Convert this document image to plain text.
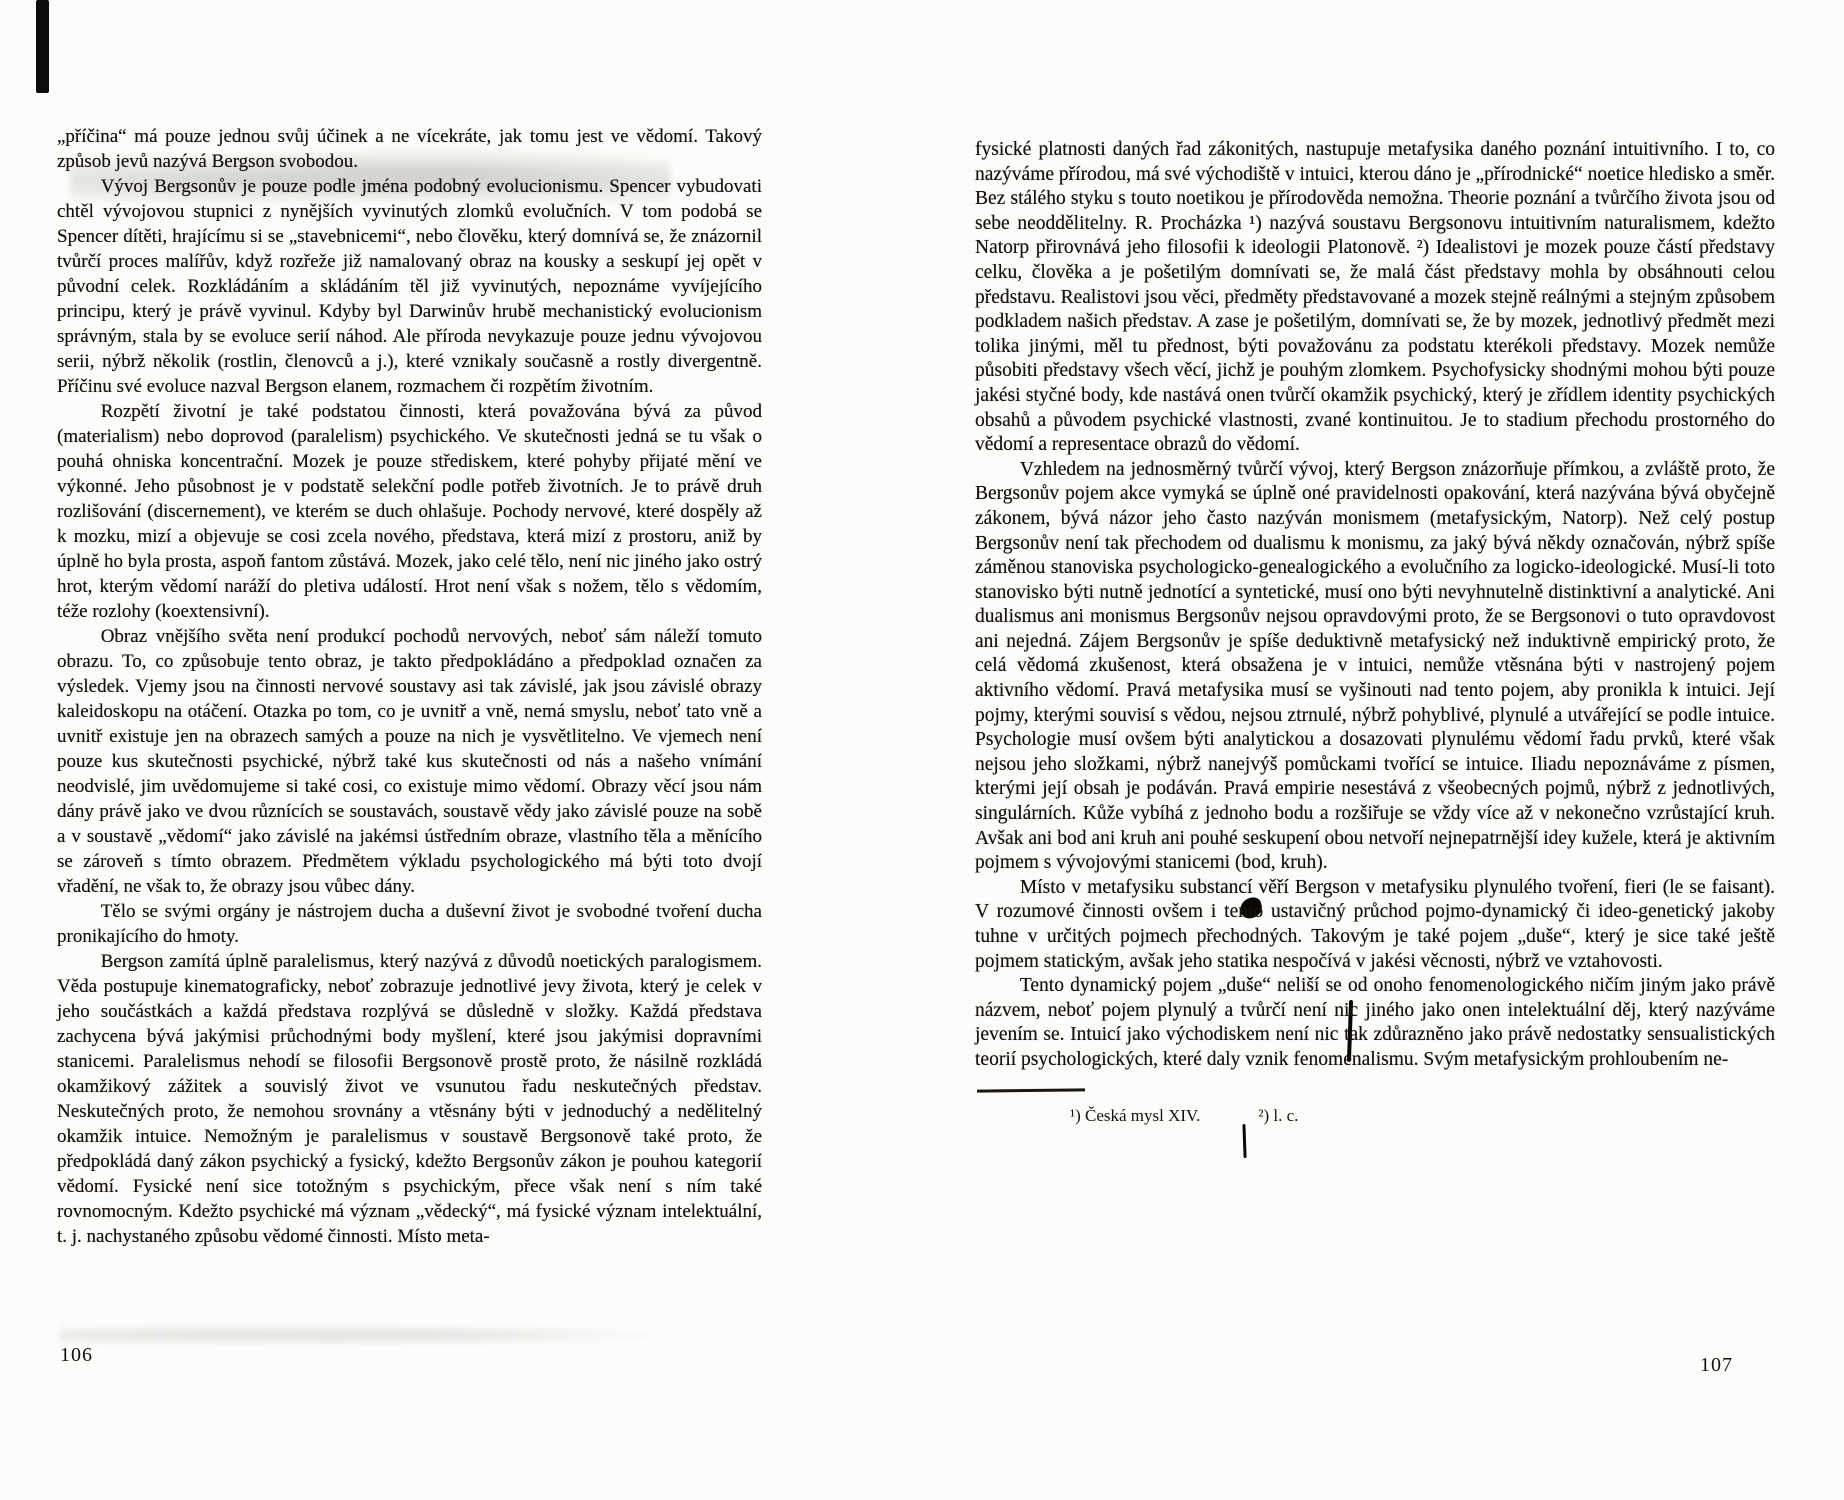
„příčina“ má pouze jednou svůj účinek a ne vícekráte, jak tomu jest ve vědomí. Takový způsob jevů nazývá Bergson svobodou.

Vývoj Bergsonův je pouze podle jména podobný evolucionismu. Spencer vybudovati chtěl vývojovou stupnici z nynějších vyvinutých zlomků evolučních. V tom podobá se Spencer dítěti, hrajícímu si se „stavebnicemi“, nebo člověku, který domnívá se, že znázornil tvůrčí proces malířův, když rozřeže již namalovaný obraz na kousky a seskupí jej opět v původní celek. Rozkládáním a skládáním těl již vyvinutých, nepoznáme vyvíjejícího principu, který je právě vyvinul. Kdyby byl Darwinův hrubě mechanistický evolucionism správným, stala by se evoluce serií náhod. Ale příroda nevykazuje pouze jednu vývojovou serii, nýbrž několik (rostlin, členovců a j.), které vznikaly současně a rostly divergentně. Příčinu své evoluce nazval Bergson elanem, rozmachem či rozpětím životním.

Rozpětí životní je také podstatou činnosti, která považována bývá za původ (materialism) nebo doprovod (paralelism) psychického. Ve skutečnosti jedná se tu však o pouhá ohniska koncentrační. Mozek je pouze střediskem, které pohyby přijaté mění ve výkonné. Jeho působnost je v podstatě selekční podle potřeb životních. Je to právě druh rozlišování (discernement), ve kterém se duch ohlašuje. Pochody nervové, které dospěly až k mozku, mizí a objevuje se cosi zcela nového, představa, která mizí z prostoru, aniž by úplně ho byla prosta, aspoň fantom zůstává. Mozek, jako celé tělo, není nic jiného jako ostrý hrot, kterým vědomí naráží do pletiva událostí. Hrot není však s nožem, tělo s vědomím, téže rozlohy (koextensivní).

Obraz vnějšího světa není produkcí pochodů nervových, neboť sám náleží tomuto obrazu. To, co způsobuje tento obraz, je takto předpokládáno a předpoklad označen za výsledek. Vjemy jsou na činnosti nervové soustavy asi tak závislé, jak jsou závislé obrazy kaleidoskopu na otáčení. Otazka po tom, co je uvnitř a vně, nemá smyslu, neboť tato vně a uvnitř existuje jen na obrazech samých a pouze na nich je vysvětlitelno. Ve vjemech není pouze kus skutečnosti psychické, nýbrž také kus skutečnosti od nás a našeho vnímání neodvislé, jim uvědomujeme si také cosi, co existuje mimo vědomí. Obrazy věcí jsou nám dány právě jako ve dvou různících se soustavách, soustavě vědy jako závislé pouze na sobě a v soustavě „vědomí“ jako závislé na jakémsi ústředním obraze, vlastního těla a měnícího se zároveň s tímto obrazem. Předmětem výkladu psychologického má býti toto dvojí vřadění, ne však to, že obrazy jsou vůbec dány.

Tělo se svými orgány je nástrojem ducha a duševní život je svobodné tvoření ducha pronikajícího do hmoty.

Bergson zamítá úplně paralelismus, který nazývá z důvodů noetických paralogismem. Věda postupuje kinematograficky, neboť zobrazuje jednotlivé jevy života, který je celek v jeho součástkách a každá představa rozplývá se důsledně v složky. Každá představa zachycena bývá jakýmisi průchodnými body myšlení, které jsou jakýmisi dopravními stanicemi. Paralelismus nehodí se filosofii Bergsonově prostě proto, že násilně rozkládá okamžikový zážitek a souvislý život ve vsunutou řadu neskutečných představ. Neskutečných proto, že nemohou srovnány a vtěsnány býti v jednoduchý a nedělitelný okamžik intuice. Nemožným je paralelismus v soustavě Bergsonově také proto, že předpokládá daný zákon psychický a fysický, kdežto Bergsonův zákon je pouhou kategorií vědomí. Fysické není sice totožným s psychickým, přece však není s ním také rovnomocným. Kdežto psychické má význam „vědecký“, má fysické význam intelektuální, t. j. nachystaného způsobu vědomé činnosti. Místo meta-

106

fysické platnosti daných řad zákonitých, nastupuje metafysika daného poznání intuitivního. I to, co nazýváme přírodou, má své východiště v intuici, kterou dáno je „přírodnické“ noetice hledisko a směr. Bez stálého styku s touto noetikou je přírodověda nemožna. Theorie poznání a tvůrčího života jsou od sebe neoddělitelny. R. Procházka ¹) nazývá soustavu Bergsonovu intuitivním naturalismem, kdežto Natorp přirovnává jeho filosofii k ideologii Platonově. ²) Idealistovi je mozek pouze částí představy celku, člověka a je pošetilým domnívati se, že malá část představy mohla by obsáhnouti celou představu. Realistovi jsou věci, předměty představované a mozek stejně reálnými a stejným způsobem podkladem našich představ. A zase je pošetilým, domnívati se, že by mozek, jednotlivý předmět mezi tolika jinými, měl tu přednost, býti považovánu za podstatu kterékoli představy. Mozek nemůže působiti představy všech věcí, jichž je pouhým zlomkem. Psychofysicky shodnými mohou býti pouze jakési styčné body, kde nastává onen tvůrčí okamžik psychický, který je zřídlem identity psychických obsahů a původem psychické vlastnosti, zvané kontinuitou. Je to stadium přechodu prostorného do vědomí a representace obrazů do vědomí.

Vzhledem na jednosměrný tvůrčí vývoj, který Bergson znázorňuje přímkou, a zvláště proto, že Bergsonův pojem akce vymyká se úplně oné pravidelnosti opakování, která nazývána bývá obyčejně zákonem, bývá názor jeho často nazýván monismem (metafysickým, Natorp). Než celý postup Bergsonův není tak přechodem od dualismu k monismu, za jaký bývá někdy označován, nýbrž spíše záměnou stanoviska psychologicko-genealogického a evolučního za logicko-ideologické. Musí-li toto stanovisko býti nutně jednotící a syntetické, musí ono býti nevyhnutelně distinktivní a analytické. Ani dualismus ani monismus Bergsonův nejsou opravdovými proto, že se Bergsonovi o tuto opravdovost ani nejedná. Zájem Bergsonův je spíše deduktivně metafysický než induktivně empirický proto, že celá vědomá zkušenost, která obsažena je v intuici, nemůže vtěsnána býti v nastrojený pojem aktivního vědomí. Pravá metafysika musí se vyšinouti nad tento pojem, aby pronikla k intuici. Její pojmy, kterými souvisí s vědou, nejsou ztrnulé, nýbrž pohyblivé, plynulé a utvářející se podle intuice. Psychologie musí ovšem býti analytickou a dosazovati plynulému vědomí řadu prvků, které však nejsou jeho složkami, nýbrž nanejvýš pomůckami tvořící se intuice. Iliadu nepoznáváme z písmen, kterými její obsah je podáván. Pravá empirie nesestává z všeobecných pojmů, nýbrž z jednotlivých, singulárních. Kůže vybíhá z jednoho bodu a rozšiřuje se vždy více až v nekonečno vzrůstající kruh. Avšak ani bod ani kruh ani pouhé seskupení obou netvoří nejnepatrnější idey kužele, která je aktivním pojmem s vývojovými stanicemi (bod, kruh).

Místo v metafysiku substancí věří Bergson v metafysiku plynulého tvoření, fieri (le se faisant). V rozumové činnosti ovšem i tento ustavičný průchod pojmo-dynamický či ideo-genetický jakoby tuhne v určitých pojmech přechodných. Takovým je také pojem „duše“, který je sice také ještě pojmem statickým, avšak jeho statika nespočívá v jakési věcnosti, nýbrž ve vztahovosti.

Tento dynamický pojem „duše“ neliší se od onoho fenomenologického ničím jiným jako právě názvem, neboť pojem plynulý a tvůrčí není nic jiného jako onen intelektuální děj, který nazýváme jevením se. Intuicí jako východiskem není nic tak zdůrazněno jako právě nedostatky sensualistických teorií psychologických, které daly vznik fenomenalismu. Svým metafysickým prohloubením ne-

¹) Česká mysl XIV.	²) l. c.
107
